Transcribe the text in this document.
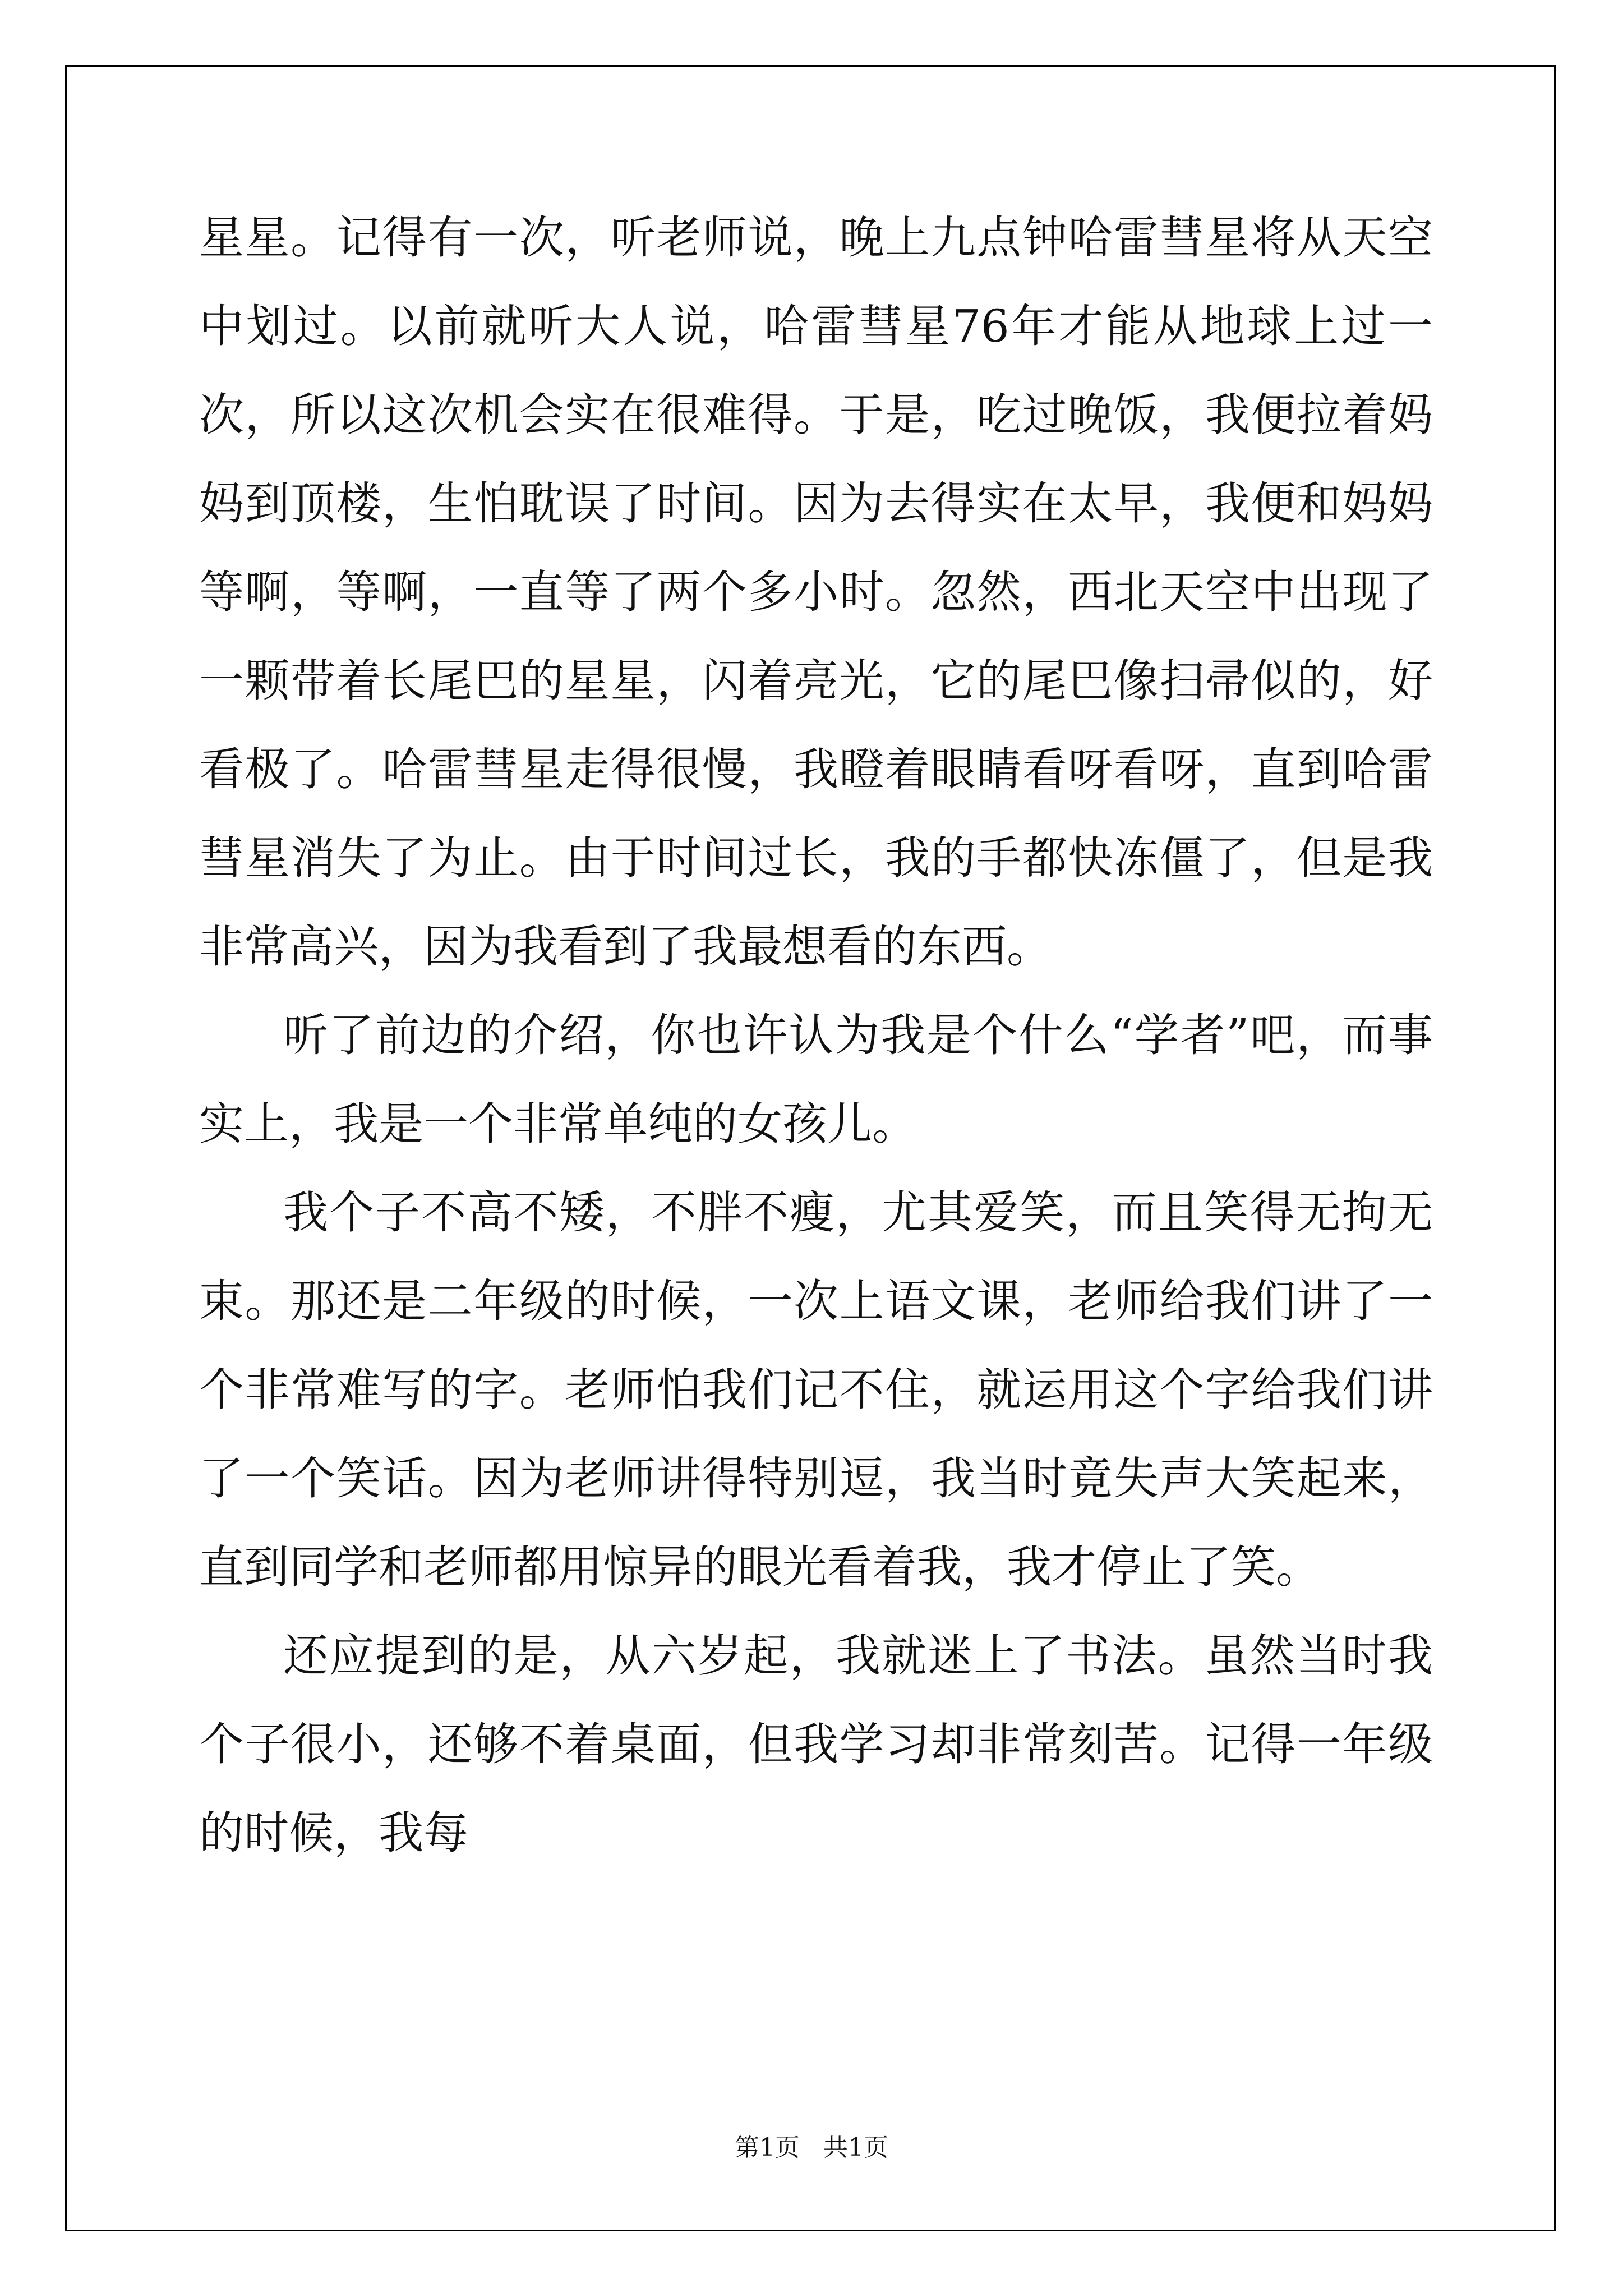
星星。记得有一次，听老师说，晚上九点钟哈雷彗星将从天空中划过。以前就听大人说，哈雷彗星76年才能从地球上过一次，所以这次机会实在很难得。于是，吃过晚饭，我便拉着妈妈到顶楼，生怕耽误了时间。因为去得实在太早，我便和妈妈等啊，等啊，一直等了两个多小时。忽然，西北天空中出现了一颗带着长尾巴的星星，闪着亮光，它的尾巴像扫帚似的，好看极了。哈雷彗星走得很慢，我瞪着眼睛看呀看呀，直到哈雷彗星消失了为止。由于时间过长，我的手都快冻僵了，但是我非常高兴，因为我看到了我最想看的东西。

听了前边的介绍，你也许认为我是个什么“学者”吧，而事实上，我是一个非常单纯的女孩儿。

我个子不高不矮，不胖不瘦，尤其爱笑，而且笑得无拘无束。那还是二年级的时候，一次上语文课，老师给我们讲了一个非常难写的字。老师怕我们记不住，就运用这个字给我们讲了一个笑话。因为老师讲得特别逗，我当时竟失声大笑起来，直到同学和老师都用惊异的眼光看着我，我才停止了笑。

还应提到的是，从六岁起，我就迷上了书法。虽然当时我个子很小，还够不着桌面，但我学习却非常刻苦。记得一年级的时候，我每

第1页   共1页
